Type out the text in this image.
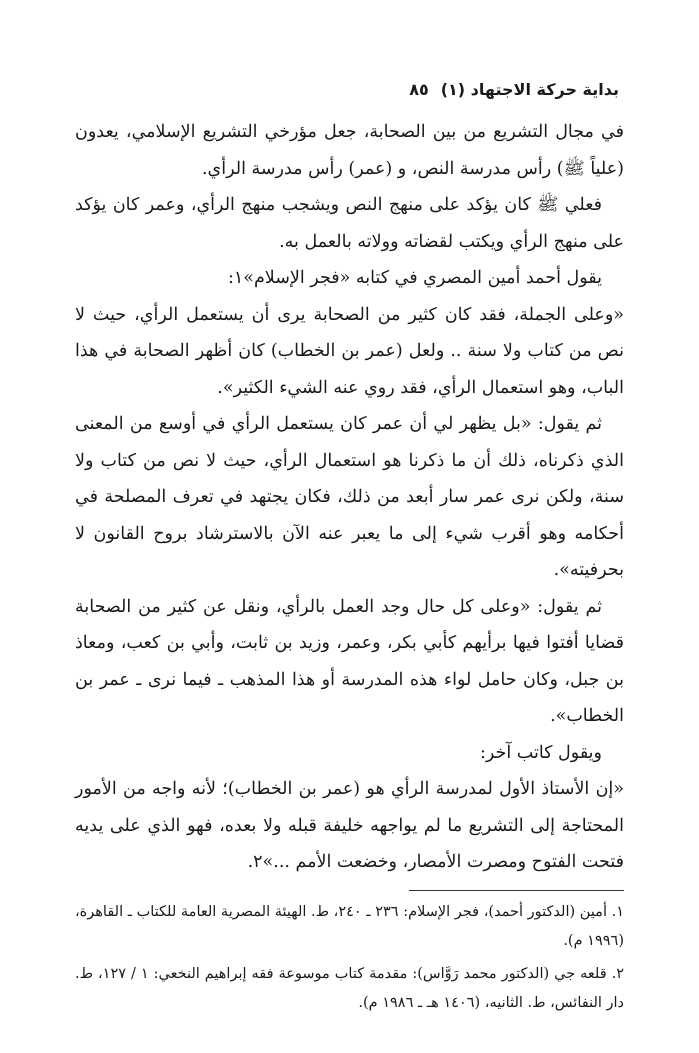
بداية حركة الاجتهاد (١)
٨٥

في مجال التشريع من بين الصحابة، جعل مؤرخي التشريع الإسلامي، يعدون (علياً ﷺ) رأس مدرسة النص، و (عمر) رأس مدرسة الرأي.

فعلي ﷺ كان يؤكد على منهج النص ويشجب منهج الرأي، وعمر كان يؤكد على منهج الرأي ويكتب لقضاته وولاته بالعمل به.

يقول أحمد أمين المصري في كتابه «فجر الإسلام»١:

«وعلى الجملة، فقد كان كثير من الصحابة يرى أن يستعمل الرأي، حيث لا نص من كتاب ولا سنة .. ولعل (عمر بن الخطاب) كان أظهر الصحابة في هذا الباب، وهو استعمال الرأي، فقد روي عنه الشيء الكثير».

ثم يقول: «بل يظهر لي أن عمر كان يستعمل الرأي في أوسع من المعنى الذي ذكرناه، ذلك أن ما ذكرنا هو استعمال الرأي، حيث لا نص من كتاب ولا سنة، ولكن نرى عمر سار أبعد من ذلك، فكان يجتهد في تعرف المصلحة في أحكامه وهو أقرب شيء إلى ما يعبر عنه الآن بالاسترشاد بروح القانون لا بحرفيته».

ثم يقول: «وعلى كل حال وجد العمل بالرأي، ونقل عن كثير من الصحابة قضايا أفتوا فيها برأيهم كأبي بكر، وعمر، وزيد بن ثابت، وأبي بن كعب، ومعاذ بن جبل، وكان حامل لواء هذه المدرسة أو هذا المذهب ـ فيما نرى ـ عمر بن الخطاب».

ويقول كاتب آخر:

«إن الأستاذ الأول لمدرسة الرأي هو (عمر بن الخطاب)؛ لأنه واجه من الأمور المحتاجة إلى التشريع ما لم يواجهه خليفة قبله ولا بعده، فهو الذي على يديه فتحت الفتوح ومصرت الأمصار، وخضعت الأمم ...»٢.

١. أمين (الدكتور أحمد)، فجر الإسلام: ٢٣٦ ـ ٢٤٠، ط. الهيئة المصرية العامة للكتاب ـ القاهرة، (١٩٩٦ م).

٢. قلعه جي (الدكتور محمد رَوَّاس): مقدمة كتاب موسوعة فقه إبراهيم النخعي: ١ / ١٢٧، ط. دار النفائس، ط. الثانيه، (١٤٠٦ هـ ـ ١٩٨٦ م).
